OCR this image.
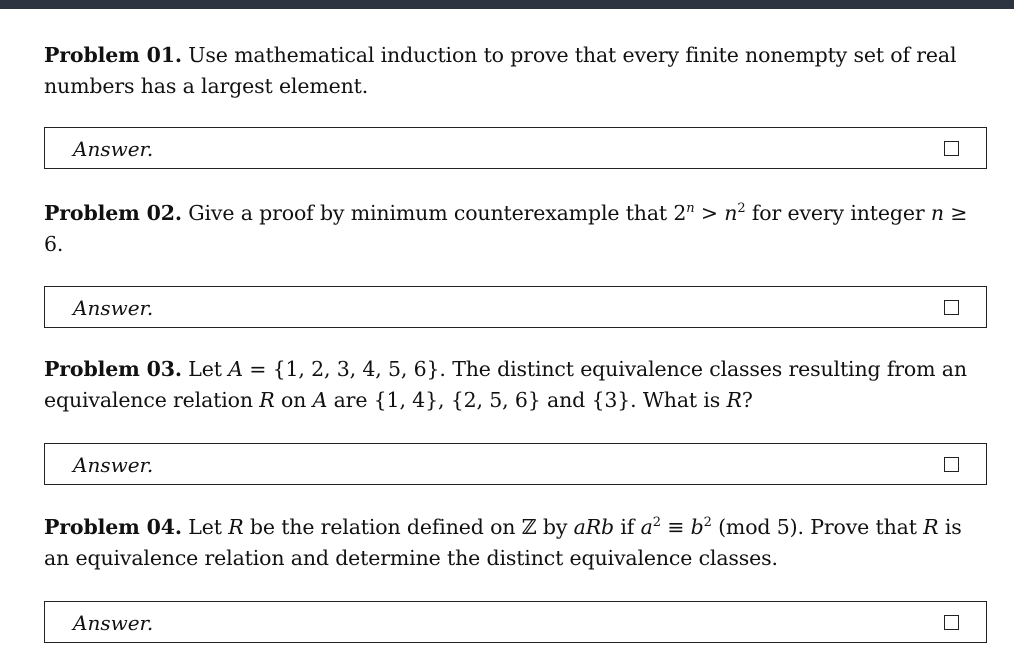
Problem 01. Use mathematical induction to prove that every finite nonempty set of real numbers has a largest element.
Answer.
Problem 02. Give a proof by minimum counterexample that $2^n > n^2$ for every integer n ≥ 6.
Answer.
Problem 03. Let A = {1, 2, 3, 4, 5, 6}. The distinct equivalence classes resulting from an equivalence relation R on A are {1, 4}, {2, 5, 6} and {3}. What is R?
Answer.
Problem 04. Let R be the relation defined on ℤ by aRb if $a^2 \equiv b^2$ (mod 5). Prove that R is an equivalence relation and determine the distinct equivalence classes.
Answer.
